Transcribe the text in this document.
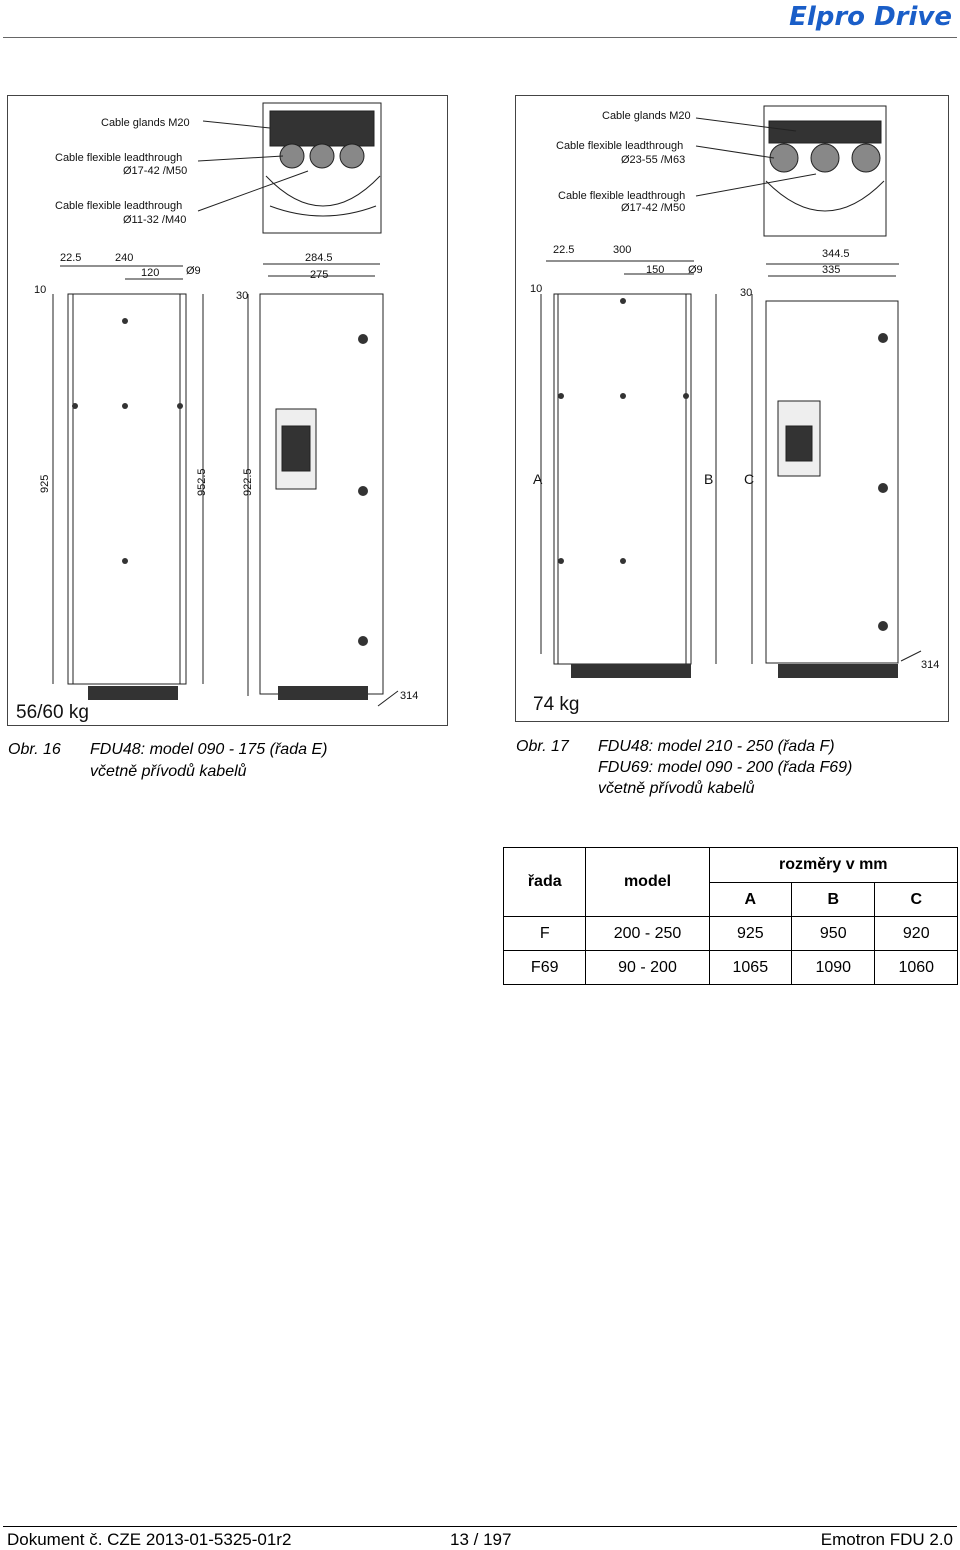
Elpro Drive
Cable glands M20
Cable flexible leadthrough
Ø17-42 /M50
Cable flexible leadthrough
Ø11-32 /M40
22.5	240
120 Ø9
284.5
275
10	30
925	952.5	922.5
314
56/60 kg
Cable glands M20
Cable flexible leadthrough
Ø23-55 /M63
Cable flexible leadthrough
Ø17-42 /M50
22.5	300
150 Ø9
344.5
335
10	30
A	B C
314
74 kg
Obr. 16 FDU48: model 090 - 175 (řada E)
včetně přívodů kabelů
Obr. 17 FDU48: model 210 - 250 (řada F)
FDU69: model 090 - 200 (řada F69)
včetně přívodů kabelů
řada	model	rozměry v mm		
		A	B	C
F	200 - 250	925	950	920
F69	90 - 200	1065	1090	1060
Dokument č. CZE 2013-01-5325-01r2	13 / 197	Emotron FDU 2.0
